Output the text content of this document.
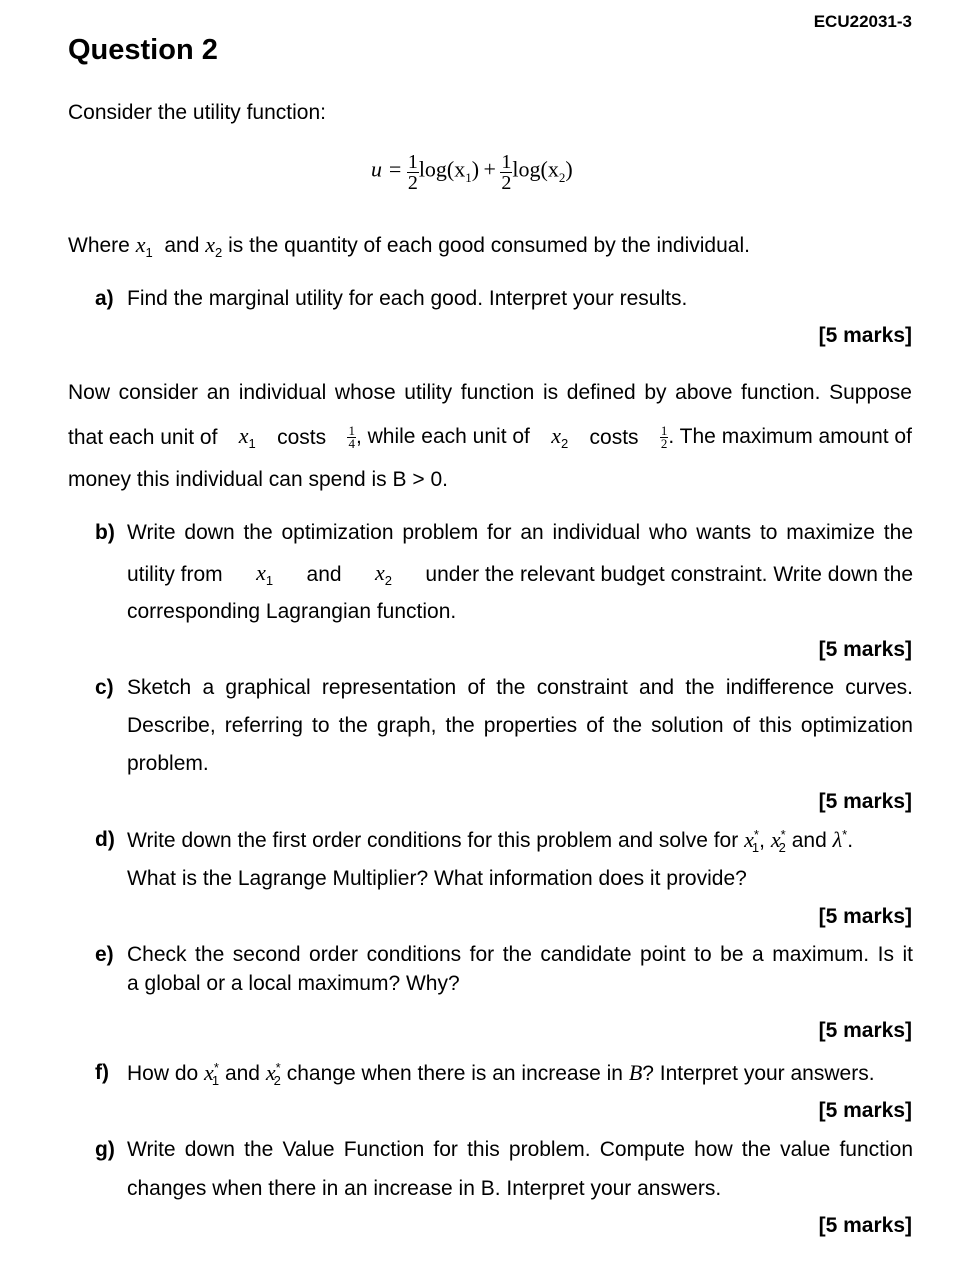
ECU22031-3
Question 2
Consider the utility function:
$u = \frac{1}{2} \log(x_1) + \frac{1}{2} \log(x_2)$
Where $x_1$ and $x_2$ is the quantity of each good consumed by the individual.
a) Find the marginal utility for each good. Interpret your results.
[5 marks]
Now consider an individual whose utility function is defined by above function. Suppose
that each unit of $x_1$ costs $\frac{1}{4}$ , while each unit of $x_2$ costs $\frac{1}{2}$ . The maximum amount of
money this individual can spend is B > 0.
b) Write down the optimization problem for an individual who wants to maximize the
utility from $x_1$ and $x_2$ under the relevant budget constraint. Write down the
corresponding Lagrangian function.
[5 marks]
c) Sketch a graphical representation of the constraint and the indifference curves.
Describe, referring to the graph, the properties of the solution of this optimization
problem.
[5 marks]
d) Write down the first order conditions for this problem and solve for $x^*_1$, $x^*_2$ and λ*.
What is the Lagrange Multiplier? What information does it provide?
[5 marks]
e) Check the second order conditions for the candidate point to be a maximum. Is it
a global or a local maximum? Why?
[5 marks]
f) How do $x^*_1$ and $x^*_2$ change when there is an increase in B? Interpret your answers.
[5 marks]
g) Write down the Value Function for this problem. Compute how the value function
changes when there in an increase in B. Interpret your answers.
[5 marks]
